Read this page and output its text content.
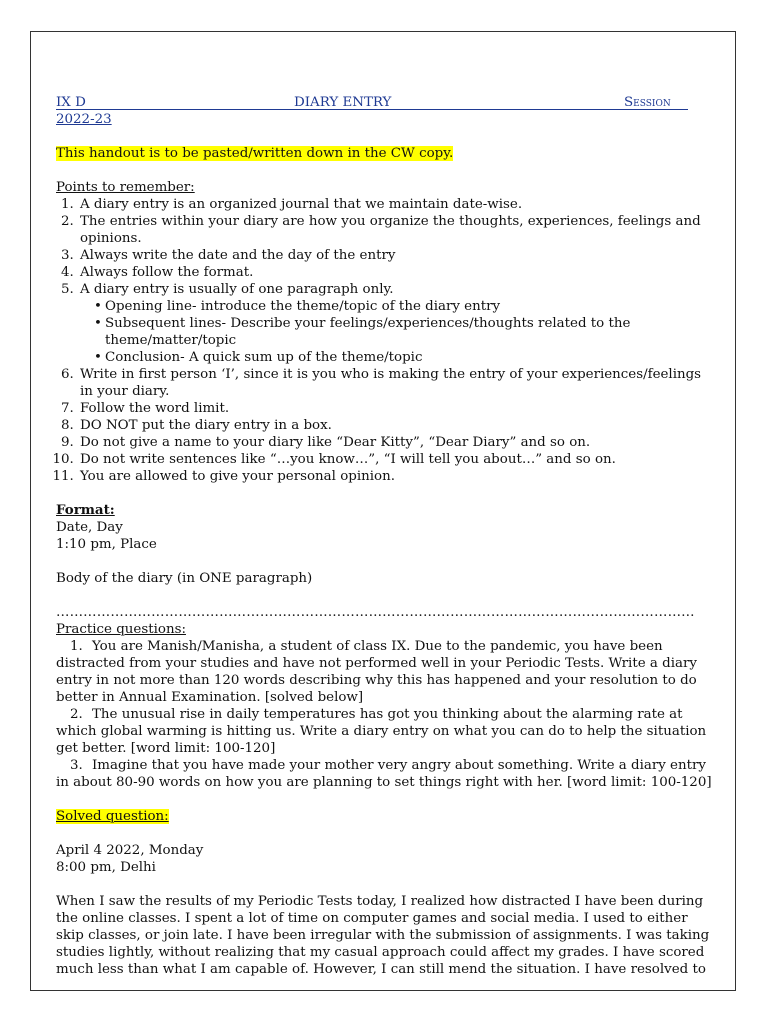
IX D	DIARY ENTRY	Session
2022-23

This handout is to be pasted/written down in the CW copy.

Points to remember:

1. A diary entry is an organized journal that we maintain date-wise.
2. The entries within your diary are how you organize the thoughts, experiences, feelings and opinions.
3. Always write the date and the day of the entry
4. Always follow the format.
5. A diary entry is usually of one paragraph only.
• Opening line- introduce the theme/topic of the diary entry
• Subsequent lines- Describe your feelings/experiences/thoughts related to the theme/matter/topic
• Conclusion- A quick sum up of the theme/topic
6. Write in first person ‘I’, since it is you who is making the entry of your experiences/feelings in your diary.
7. Follow the word limit.
8. DO NOT put the diary entry in a box.
9. Do not give a name to your diary like “Dear Kitty”, “Dear Diary” and so on.
10. Do not write sentences like “…you know…”, “I will tell you about…” and so on.
11. You are allowed to give your personal opinion.

Format:

Date, Day

1:10 pm, Place

Body of the diary (in ONE paragraph)

……………………………………………………………………………………………………………………………

Practice questions:

1. You are Manish/Manisha, a student of class IX. Due to the pandemic, you have been distracted from your studies and have not performed well in your Periodic Tests. Write a diary entry in not more than 120 words describing why this has happened and your resolution to do better in Annual Examination. [solved below]

2. The unusual rise in daily temperatures has got you thinking about the alarming rate at which global warming is hitting us. Write a diary entry on what you can do to help the situation get better. [word limit: 100-120]

3. Imagine that you have made your mother very angry about something. Write a diary entry in about 80-90 words on how you are planning to set things right with her. [word limit: 100-120]

Solved question:

April 4 2022, Monday

8:00 pm, Delhi

When I saw the results of my Periodic Tests today, I realized how distracted I have been during the online classes. I spent a lot of time on computer games and social media. I used to either skip classes, or join late. I have been irregular with the submission of assignments. I was taking studies lightly, without realizing that my casual approach could affect my grades. I have scored much less than what I am capable of. However, I can still mend the situation. I have resolved to
